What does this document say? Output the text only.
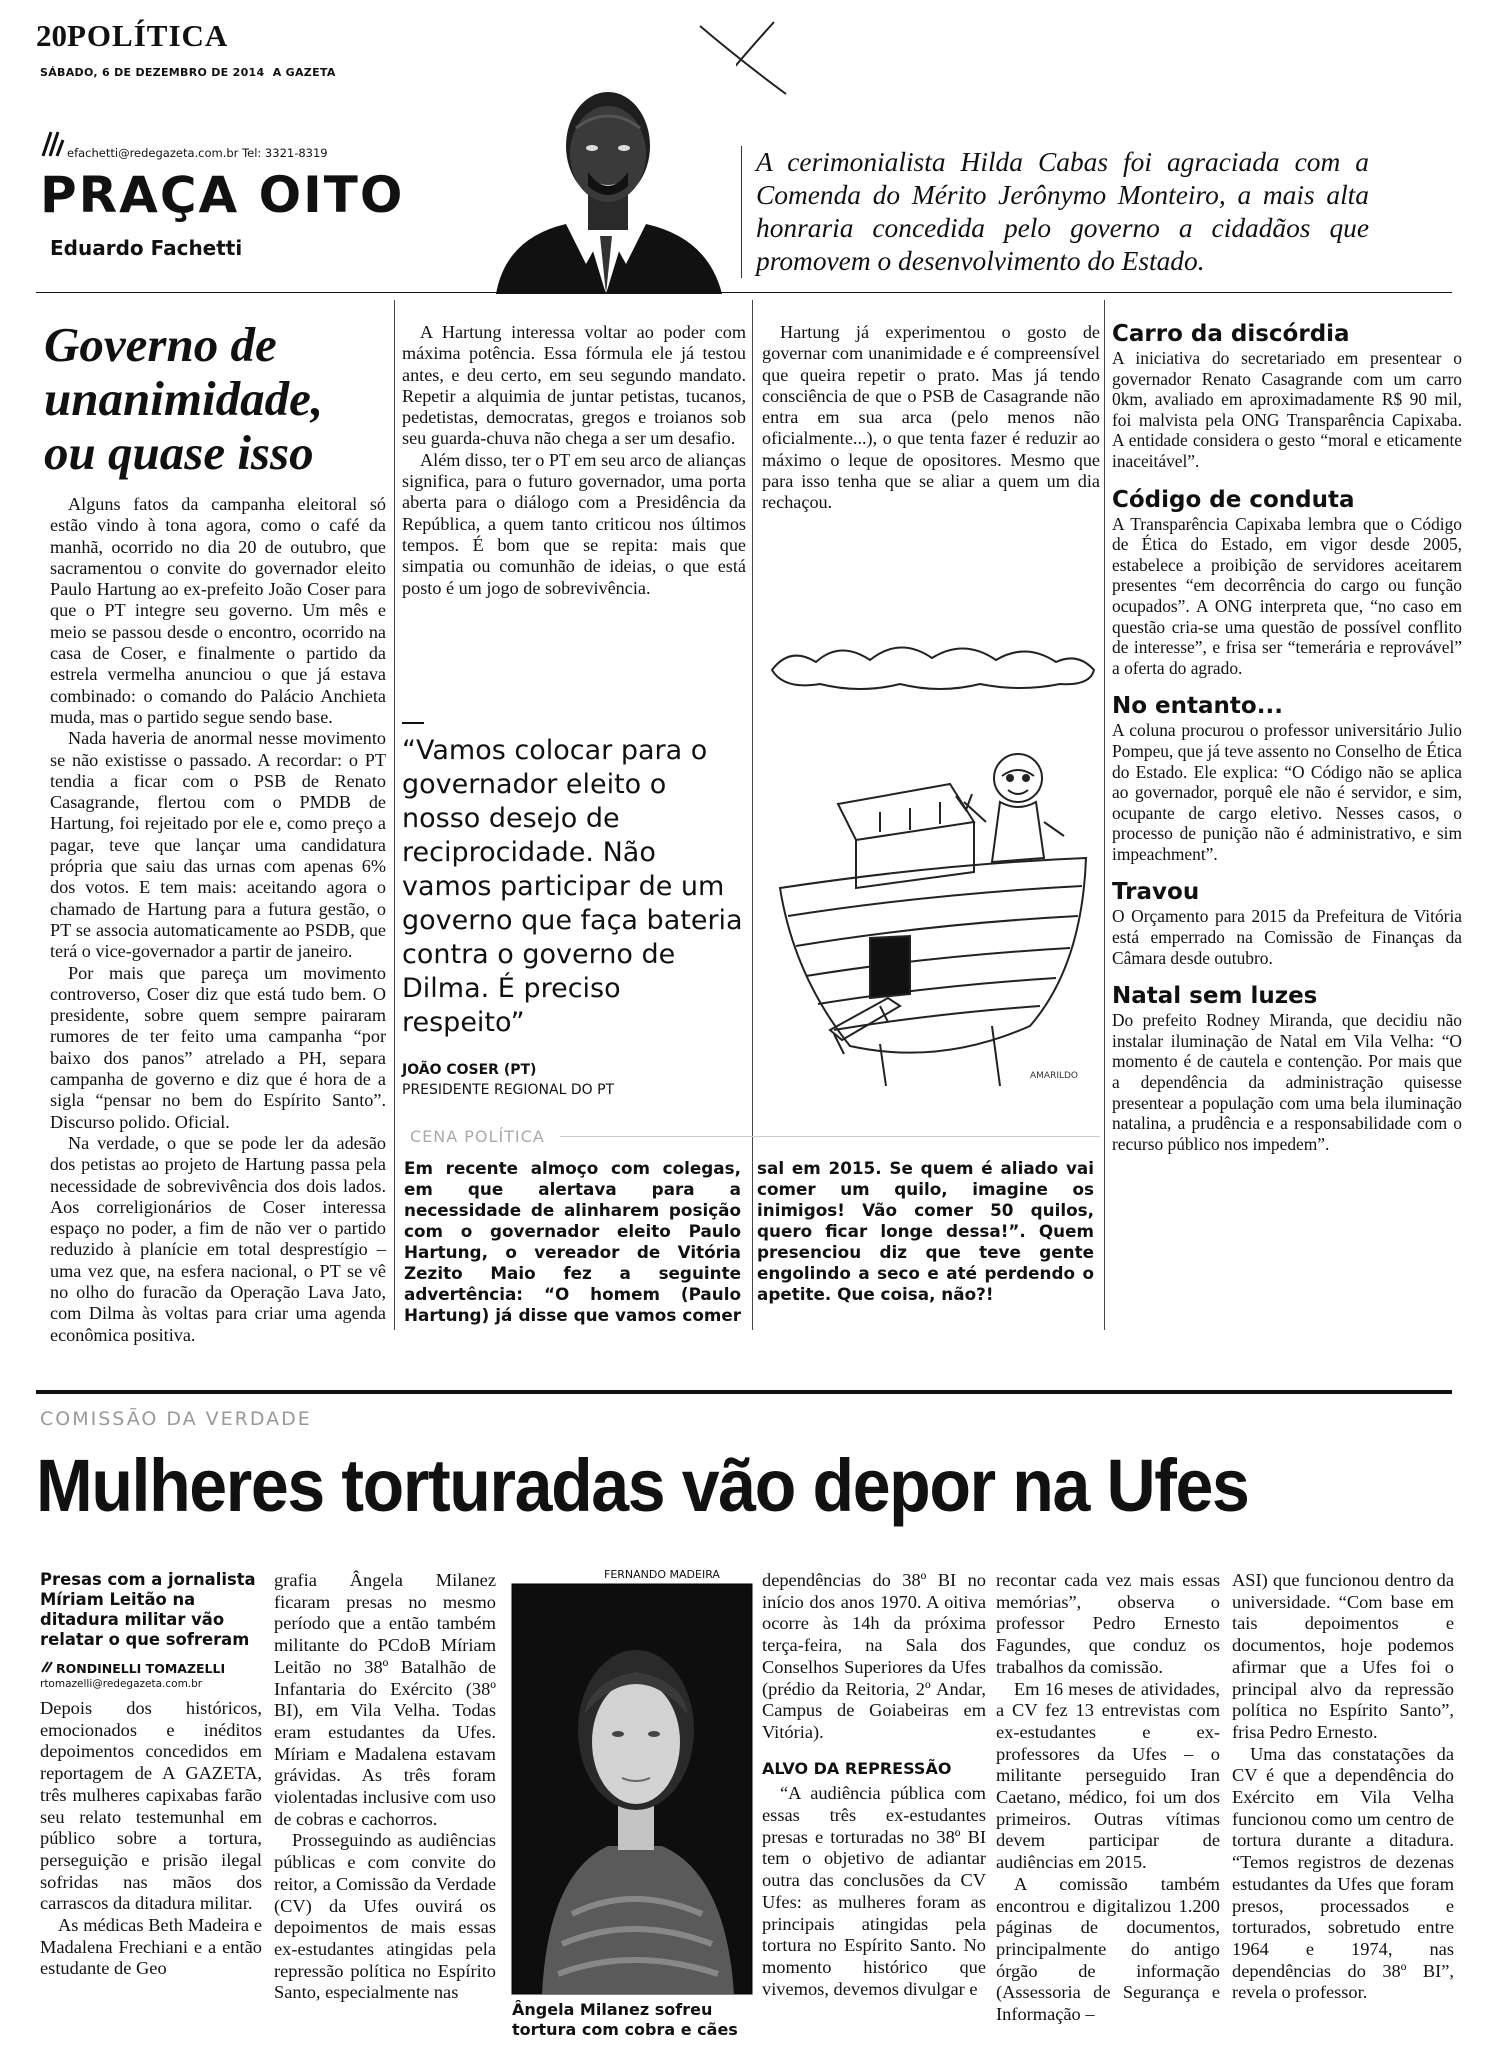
20POLÍTICA
SÁBADO, 6 DE DEZEMBRO DE 2014 A GAZETA
efachetti@redegazeta.com.br Tel: 3321-8319
PRAÇA OITO
Eduardo Fachetti
A cerimonialista Hilda Cabas foi agraciada com a Comenda do Mérito Jerônymo Monteiro, a mais alta honraria concedida pelo governo a cidadãos que promovem o desenvolvimento do Estado.
Governo de unanimidade, ou quase isso

Alguns fatos da campanha eleitoral só estão vindo à tona agora, como o café da manhã, ocorrido no dia 20 de outubro, que sacramentou o convite do governador eleito Paulo Hartung ao ex-prefeito João Coser para que o PT integre seu governo. Um mês e meio se passou desde o encontro, ocorrido na casa de Coser, e finalmente o partido da estrela vermelha anunciou o que já estava combinado: o comando do Palácio Anchieta muda, mas o partido segue sendo base.

Nada haveria de anormal nesse movimento se não existisse o passado. A recordar: o PT tendia a ficar com o PSB de Renato Casagrande, flertou com o PMDB de Hartung, foi rejeitado por ele e, como preço a pagar, teve que lançar uma candidatura própria que saiu das urnas com apenas 6% dos votos. E tem mais: aceitando agora o chamado de Hartung para a futura gestão, o PT se associa automaticamente ao PSDB, que terá o vice-governador a partir de janeiro.

Por mais que pareça um movimento controverso, Coser diz que está tudo bem. O presidente, sobre quem sempre pairaram rumores de ter feito uma campanha “por baixo dos panos” atrelado a PH, separa campanha de governo e diz que é hora de a sigla “pensar no bem do Espírito Santo”. Discurso polido. Oficial.

Na verdade, o que se pode ler da adesão dos petistas ao projeto de Hartung passa pela necessidade de sobrevivência dos dois lados. Aos correligionários de Coser interessa espaço no poder, a fim de não ver o partido reduzido à planície em total desprestígio – uma vez que, na esfera nacional, o PT se vê no olho do furacão da Operação Lava Jato, com Dilma às voltas para criar uma agenda econômica positiva.

A Hartung interessa voltar ao poder com máxima potência. Essa fórmula ele já testou antes, e deu certo, em seu segundo mandato. Repetir a alquimia de juntar petistas, tucanos, pedetistas, democratas, gregos e troianos sob seu guarda-chuva não chega a ser um desafio.

Além disso, ter o PT em seu arco de alianças significa, para o futuro governador, uma porta aberta para o diálogo com a Presidência da República, a quem tanto criticou nos últimos tempos. É bom que se repita: mais que simpatia ou comunhão de ideias, o que está posto é um jogo de sobrevivência.

“Vamos colocar para o governador eleito o nosso desejo de reciprocidade. Não vamos participar de um governo que faça bateria contra o governo de Dilma. É preciso respeito”
JOÃO COSER (PT)
PRESIDENTE REGIONAL DO PT

Hartung já experimentou o gosto de governar com unanimidade e é compreensível que queira repetir o prato. Mas já tendo consciência de que o PSB de Casagrande não entra em sua arca (pelo menos não oficialmente...), o que tenta fazer é reduzir ao máximo o leque de opositores. Mesmo que para isso tenha que se aliar a quem um dia rechaçou.

AMARILDO
CENA POLÍTICA
Em recente almoço com colegas, em que alertava para a necessidade de alinharem posição com o governador eleito Paulo Hartung, o vereador de Vitória Zezito Maio fez a seguinte advertência: “O homem (Paulo Hartung) já disse que vamos comer sal em 2015. Se quem é aliado vai comer um quilo, imagine os inimigos! Vão comer 50 quilos, quero ficar longe dessa!”. Quem presenciou diz que teve gente engolindo a seco e até perdendo o apetite. Que coisa, não?!
Carro da discórdia
A iniciativa do secretariado em presentear o governador Renato Casagrande com um carro 0km, avaliado em aproximadamente R$ 90 mil, foi malvista pela ONG Transparência Capixaba. A entidade considera o gesto “moral e eticamente inaceitável”.
Código de conduta
A Transparência Capixaba lembra que o Código de Ética do Estado, em vigor desde 2005, estabelece a proibição de servidores aceitarem presentes “em decorrência do cargo ou função ocupados”. A ONG interpreta que, “no caso em questão cria-se uma questão de possível conflito de interesse”, e frisa ser “temerária e reprovável” a oferta do agrado.
No entanto...
A coluna procurou o professor universitário Julio Pompeu, que já teve assento no Conselho de Ética do Estado. Ele explica: “O Código não se aplica ao governador, porquê ele não é servidor, e sim, ocupante de cargo eletivo. Nesses casos, o processo de punição não é administrativo, e sim impeachment”.
Travou
O Orçamento para 2015 da Prefeitura de Vitória está emperrado na Comissão de Finanças da Câmara desde outubro.
Natal sem luzes
Do prefeito Rodney Miranda, que decidiu não instalar iluminação de Natal em Vila Velha: “O momento é de cautela e contenção. Por mais que a dependência da administração quisesse presentear a população com uma bela iluminação natalina, a prudência e a responsabilidade com o recurso público nos impedem”.
COMISSÃO DA VERDADE
Mulheres torturadas vão depor na Ufes
Presas com a jornalista Míriam Leitão na ditadura militar vão relatar o que sofreram
RONDINELLI TOMAZELLI
rtomazelli@redegazeta.com.br

Depois dos históricos, emocionados e inéditos depoimentos concedidos em reportagem de A GAZETA, três mulheres capixabas farão seu relato testemunhal em público sobre a tortura, perseguição e prisão ilegal sofridas nas mãos dos carrascos da ditadura militar.

As médicas Beth Madeira e Madalena Frechiani e a então estudante de Geo

grafia Ângela Milanez ficaram presas no mesmo período que a então também militante do PCdoB Míriam Leitão no 38º Batalhão de Infantaria do Exército (38º BI), em Vila Velha. Todas eram estudantes da Ufes. Míriam e Madalena estavam grávidas. As três foram violentadas inclusive com uso de cobras e cachorros.

Prosseguindo as audiências públicas e com convite do reitor, a Comissão da Verdade (CV) da Ufes ouvirá os depoimentos de mais essas ex-estudantes atingidas pela repressão política no Espírito Santo, especialmente nas

FERNANDO MADEIRA
Ângela Milanez sofreu tortura com cobra e cães

dependências do 38º BI no início dos anos 1970. A oitiva ocorre às 14h da próxima terça-feira, na Sala dos Conselhos Superiores da Ufes (prédio da Reitoria, 2º Andar, Campus de Goiabeiras em Vitória).

ALVO DA REPRESSÃO

“A audiência pública com essas três ex-estudantes presas e torturadas no 38º BI tem o objetivo de adiantar outra das conclusões da CV Ufes: as mulheres foram as principais atingidas pela tortura no Espírito Santo. No momento histórico que vivemos, devemos divulgar e

recontar cada vez mais essas memórias”, observa o professor Pedro Ernesto Fagundes, que conduz os trabalhos da comissão.

Em 16 meses de atividades, a CV fez 13 entrevistas com ex-estudantes e ex-professores da Ufes – o militante perseguido Iran Caetano, médico, foi um dos primeiros. Outras vítimas devem participar de audiências em 2015.

A comissão também encontrou e digitalizou 1.200 páginas de documentos, principalmente do antigo órgão de informação (Assessoria de Segurança e Informação –

ASI) que funcionou dentro da universidade. “Com base em tais depoimentos e documentos, hoje podemos afirmar que a Ufes foi o principal alvo da repressão política no Espírito Santo”, frisa Pedro Ernesto.

Uma das constatações da CV é que a dependência do Exército em Vila Velha funcionou como um centro de tortura durante a ditadura. “Temos registros de dezenas estudantes da Ufes que foram presos, processados e torturados, sobretudo entre 1964 e 1974, nas dependências do 38º BI”, revela o professor.
